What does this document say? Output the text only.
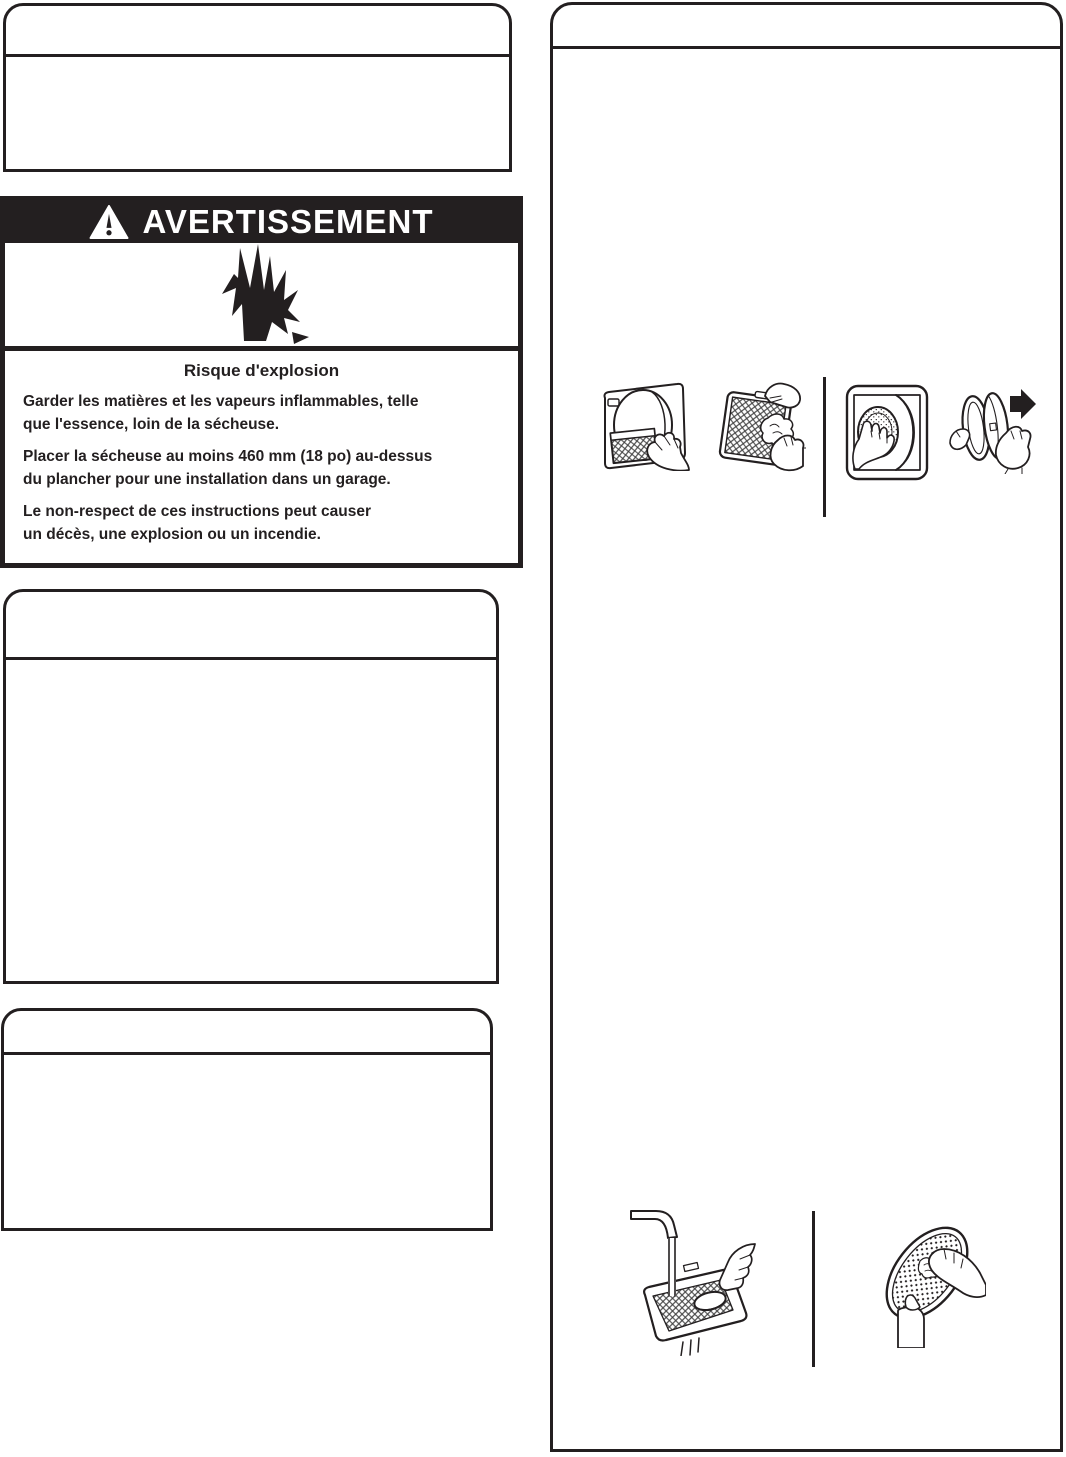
AVERTISSEMENT
Risque d'explosion
Garder les matières et les vapeurs inflammables, telle
que l'essence, loin de la sécheuse.
Placer la sécheuse au moins 460 mm (18 po) au-dessus
du plancher pour une installation dans un garage.
Le non-respect de ces instructions peut causer
un décès, une explosion ou un incendie.
